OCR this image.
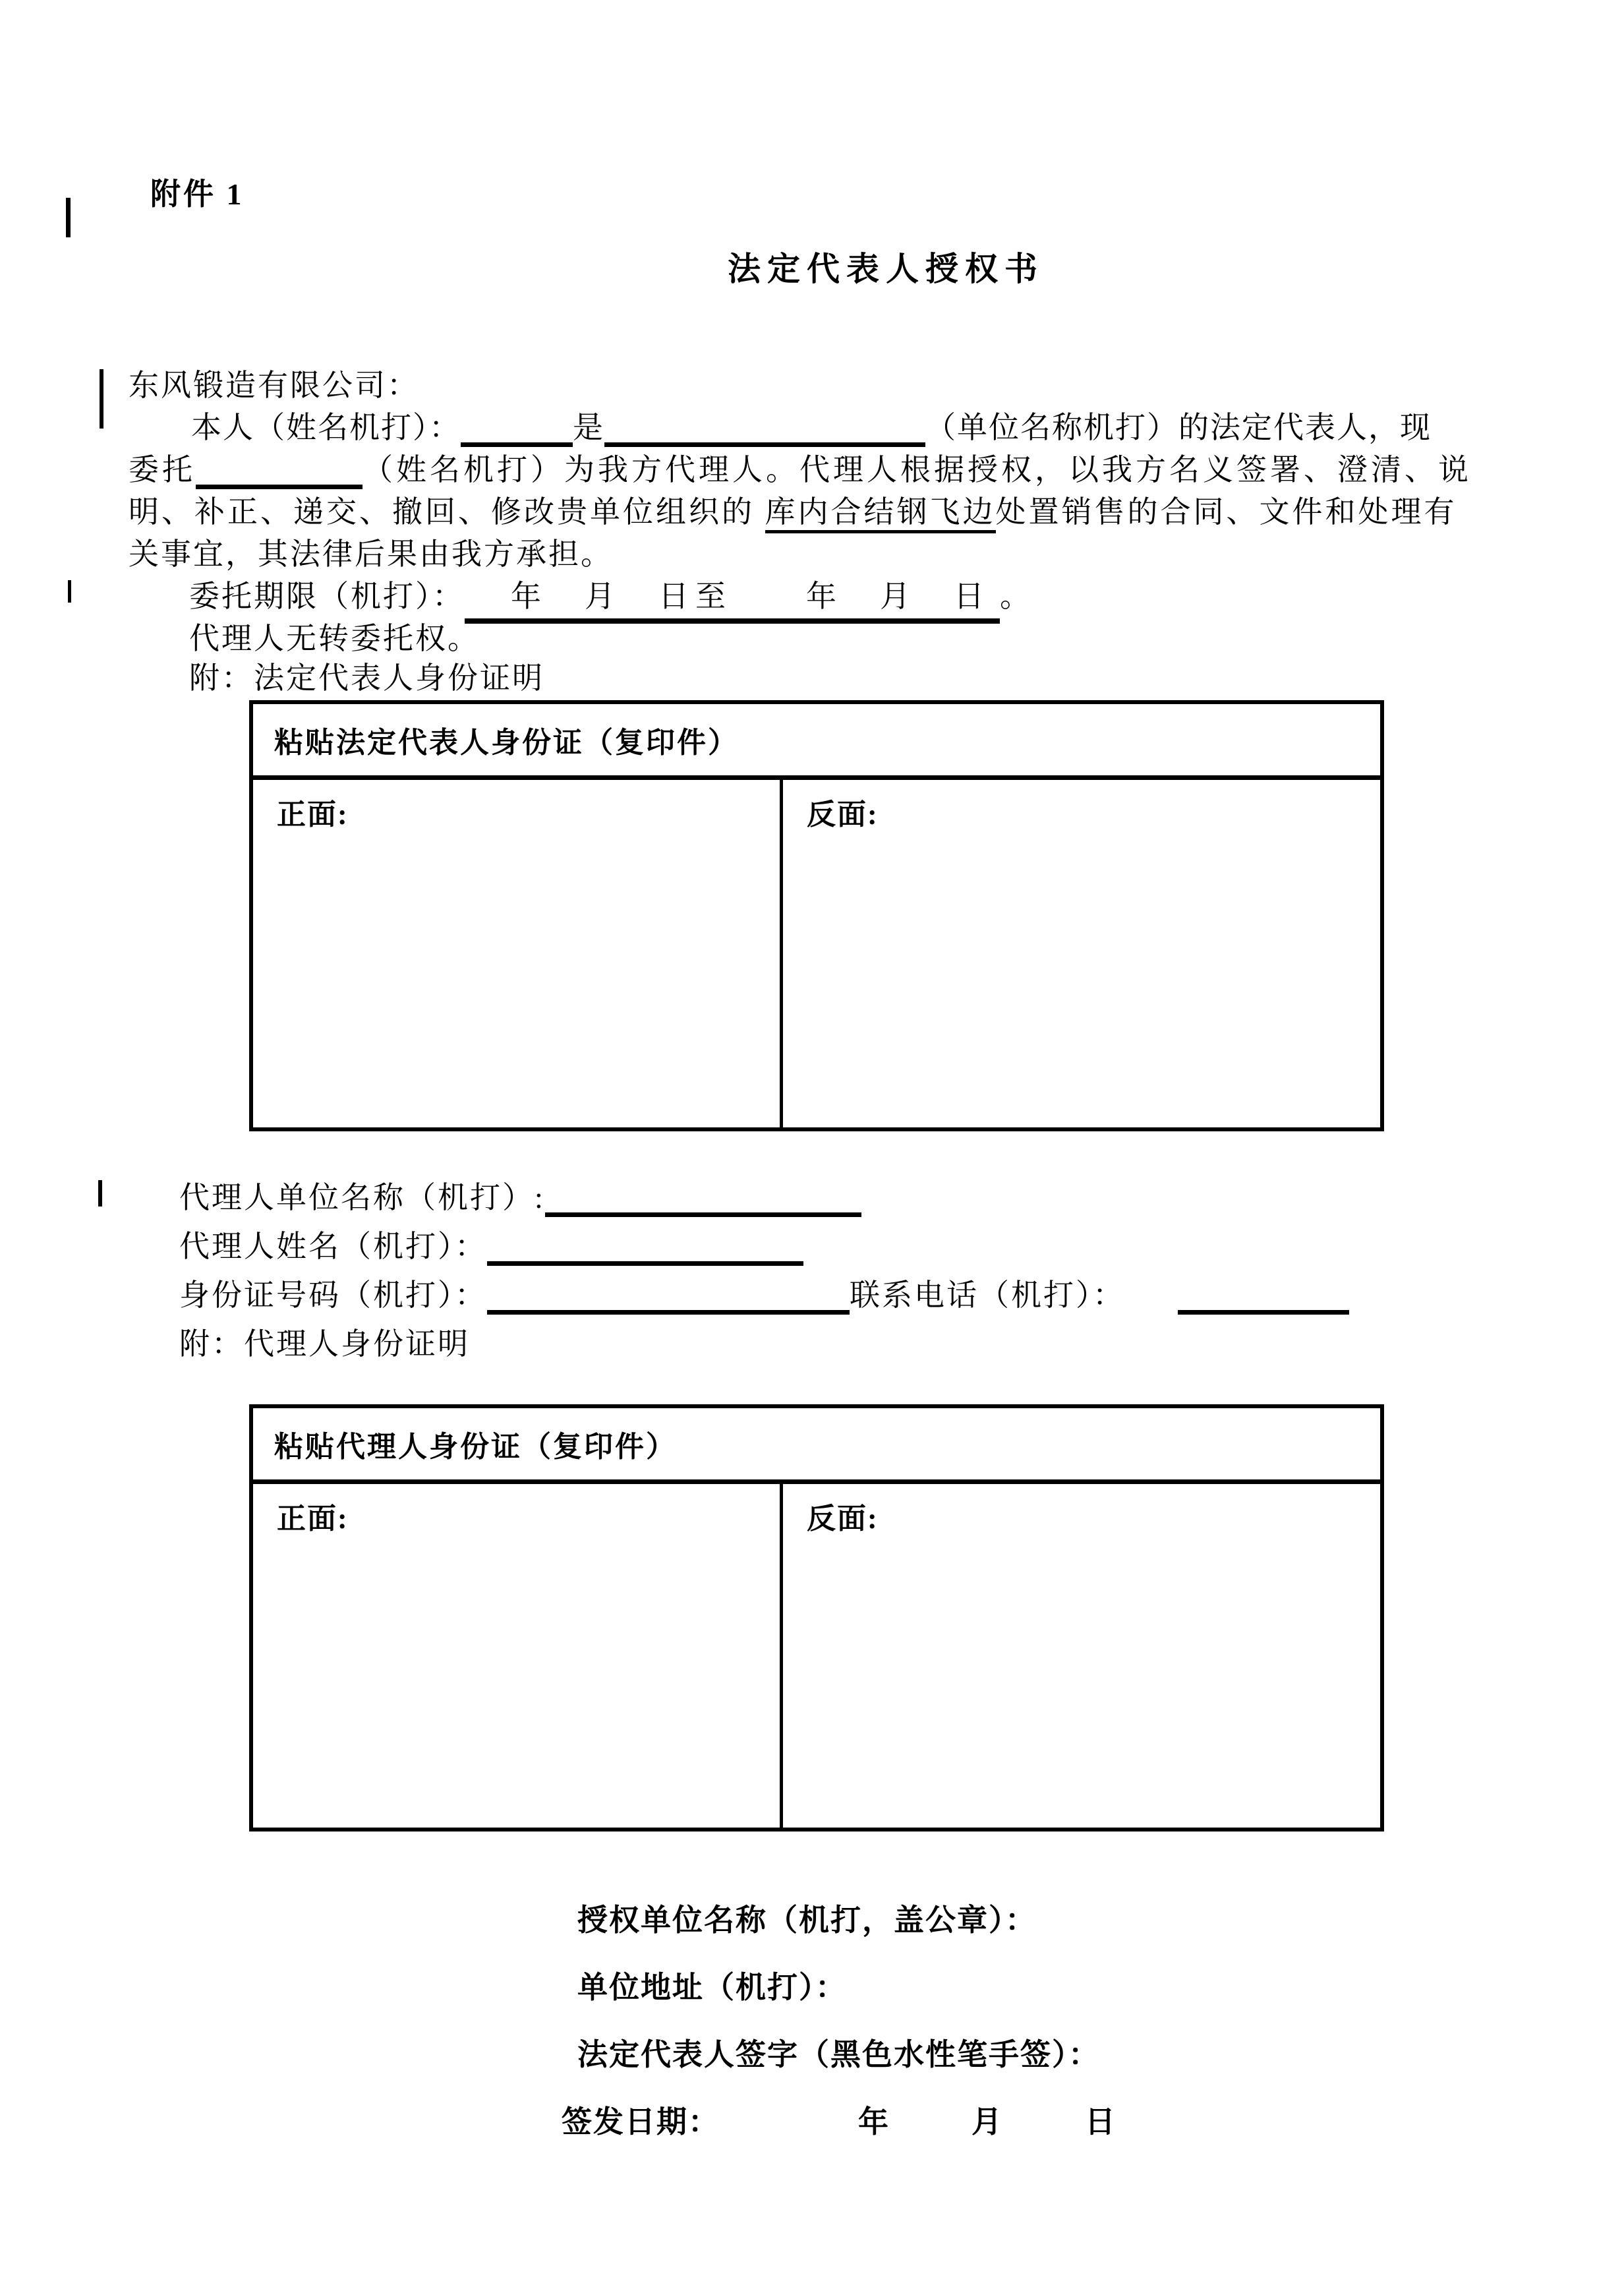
附件 1
法定代表人授权书
东风锻造有限公司：
本人（姓名机打）：	是	（单位名称机打）的法定代表人，现
委托	（姓名机打）为我方代理人。代理人根据授权，以我方名义签署、澄清、说
明、补正、递交、撤回、修改贵单位组织的 库内合结钢飞边处置销售的合同、文件和处理有
关事宜，其法律后果由我方承担。
委托期限（机打）： 年　月　日至　　年　月　日 。
代理人无转委托权。
附：法定代表人身份证明
粘贴法定代表人身份证（复印件）
正面:	反面:
代理人单位名称（机打）:
代理人姓名（机打）：
身份证号码（机打）：	联系电话（机打）：
附：代理人身份证明
粘贴代理人身份证（复印件）
正面:	反面:
授权单位名称（机打，盖公章）：
单位地址（机打）：
法定代表人签字（黑色水性笔手签）：
签发日期：	年　月　日
